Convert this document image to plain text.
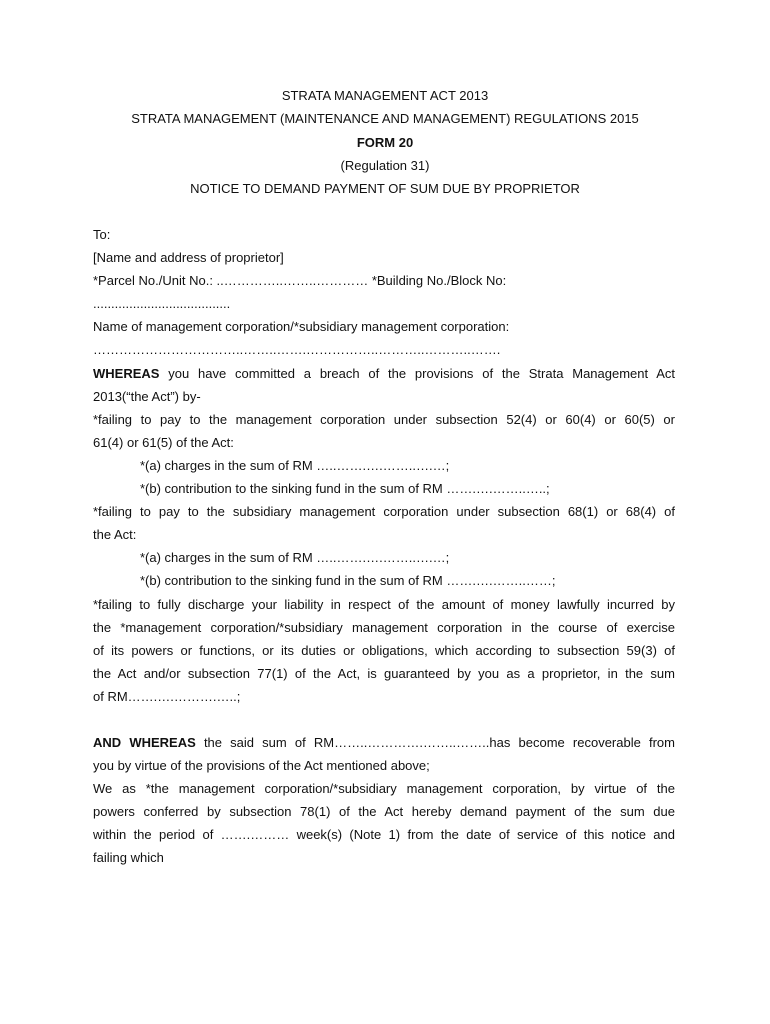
STRATA MANAGEMENT ACT 2013
STRATA MANAGEMENT (MAINTENANCE AND MANAGEMENT) REGULATIONS 2015
FORM 20
(Regulation 31)
NOTICE TO DEMAND PAYMENT OF SUM DUE BY PROPRIETOR
To:
[Name and address of proprietor]
*Parcel No./Unit No.: ..…………..……..………… *Building No./Block No:
......................................
Name of management corporation/*subsidiary management corporation:
……………………………..……..…….……………..………..………..…….
WHEREAS you have committed a breach of the provisions of the Strata Management Act
2013(“the Act”) by-
*failing to pay to the management corporation under subsection 52(4) or 60(4) or 60(5) or
61(4) or 61(5) of the Act:
*(a) charges in the sum of RM …..…….….……..….…;
*(b) contribution to the sinking fund in the sum of RM …….….……..…..;
*failing to pay to the subsidiary management corporation under subsection 68(1) or 68(4) of
the Act:
*(a) charges in the sum of RM …..…….….……..….…;
*(b) contribution to the sinking fund in the sum of RM …….….……..……;
*failing to fully discharge your liability in respect of the amount of money lawfully incurred by
the *management corporation/*subsidiary management corporation in the course of exercise
of its powers or functions, or its duties or obligations, which according to subsection 59(3) of
the Act and/or subsection 77(1) of the Act, is guaranteed by you as a proprietor, in the sum
of RM…….….……….…..;
AND WHEREAS the said sum of RM……..………….……..……..has become recoverable from
you by virtue of the provisions of the Act mentioned above;
We as *the management corporation/*subsidiary management corporation, by virtue of the
powers conferred by subsection 78(1) of the Act hereby demand payment of the sum due
within the period of …….……… week(s) (Note 1) from the date of service of this notice and
failing which
